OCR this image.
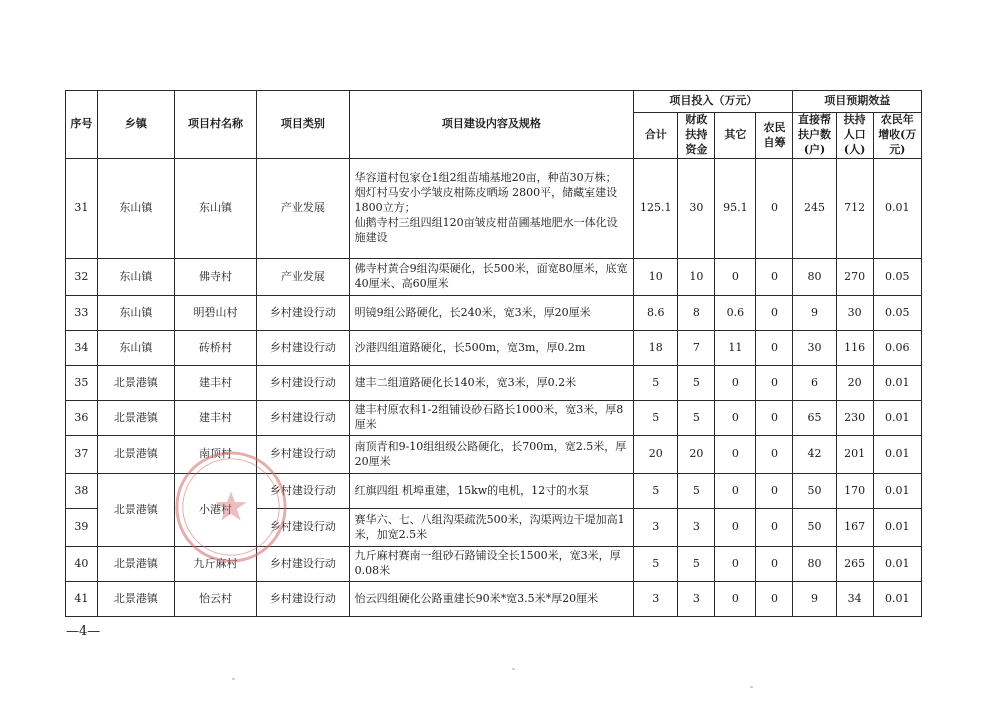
序号	乡镇	项目村名称	项目类别	项目建设内容及规格	项目投入（万元）				项目预期效益		
					合计	财政扶持资金	其它	农民自筹	直接帮扶户数(户)	扶持人口(人)	农民年增收(万元)
31	东山镇	东山镇	产业发展	华容道村包家仓1组2组苗埔基地20亩，种苗30万株；
烟灯村马安小学皱皮柑陈皮晒场 2800平，储藏室建设1800立方；
仙鹅寺村三组四组120亩皱皮柑苗圃基地肥水一体化设施建设	125.1	30	95.1	0	245	712	0.01
32	东山镇	佛寺村	产业发展	佛寺村黄合9组沟渠硬化，长500米，面宽80厘米，底宽40厘米、高60厘米	10	10	0	0	80	270	0.05
33	东山镇	明碧山村	乡村建设行动	明镜9组公路硬化，长240米，宽3米，厚20厘米	8.6	8	0.6	0	9	30	0.05
34	东山镇	砖桥村	乡村建设行动	沙港四组道路硬化，长500m，宽3m，厚0.2m	18	7	11	0	30	116	0.06
35	北景港镇	建丰村	乡村建设行动	建丰二组道路硬化长140米，宽3米，厚0.2米	5	5	0	0	6	20	0.01
36	北景港镇	建丰村	乡村建设行动	建丰村原农科1-2组铺设砂石路长1000米，宽3米，厚8厘米	5	5	0	0	65	230	0.01
37	北景港镇	南顶村	乡村建设行动	南顶青和9-10组组级公路硬化，长700m，宽2.5米，厚20厘米	20	20	0	0	42	201	0.01
38	北景港镇	小港村	乡村建设行动	红旗四组 机埠重建，15kw的电机，12寸的水泵	5	5	0	0	50	170	0.01
39			乡村建设行动	赛华六、七、八组沟渠疏洗500米，沟渠两边干堤加高1米，加宽2.5米	3	3	0	0	50	167	0.01
40	北景港镇	九斤麻村	乡村建设行动	九斤麻村赛南一组砂石路铺设全长1500米，宽3米，厚0.08米	5	5	0	0	80	265	0.01
41	北景港镇	怡云村	乡村建设行动	怡云四组硬化公路重建长90米*宽3.5米*厚20厘米	3	3	0	0	9	34	0.01
—4—
